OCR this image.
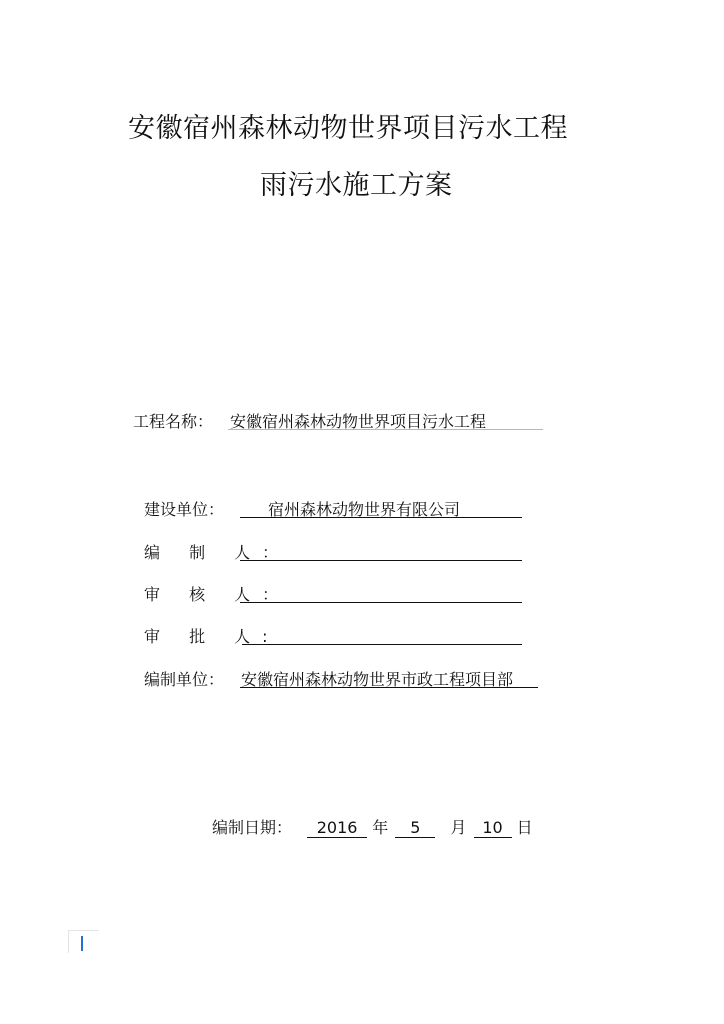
安徽宿州森林动物世界项目污水工程
雨污水施工方案
工程名称： 安徽宿州森林动物世界项目污水工程
建设单位：	宿州森林动物世界有限公司
编 制 人：
审 核 人：
审 批 人:
编制单位： 安徽宿州森林动物世界市政工程项目部
编制日期： 2016 年 5 月 10 日
